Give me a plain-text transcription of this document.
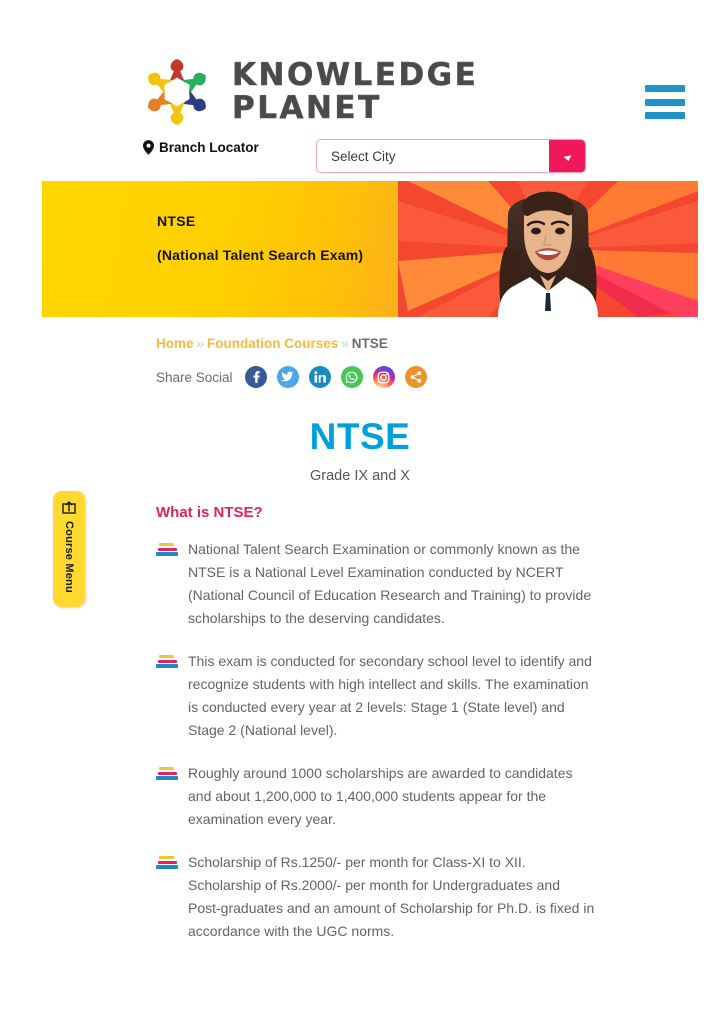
KNOWLEDGE
PLANET
Branch Locator
Select City
NTSE
(National Talent Search Exam)
Home » Foundation Courses » NTSE
Share Social
NTSE
Grade IX and X
What is NTSE?
National Talent Search Examination or commonly known as the NTSE is a National Level Examination conducted by NCERT (National Council of Education Research and Training) to provide scholarships to the deserving candidates.
This exam is conducted for secondary school level to identify and recognize students with high intellect and skills. The examination is conducted every year at 2 levels: Stage 1 (State level) and Stage 2 (National level).
Roughly around 1000 scholarships are awarded to candidates and about 1,200,000 to 1,400,000 students appear for the examination every year.
Scholarship of Rs.1250/- per month for Class-XI to XII. Scholarship of Rs.2000/- per month for Undergraduates and Post-graduates and an amount of Scholarship for Ph.D. is fixed in accordance with the UGC norms.
Course Menu
